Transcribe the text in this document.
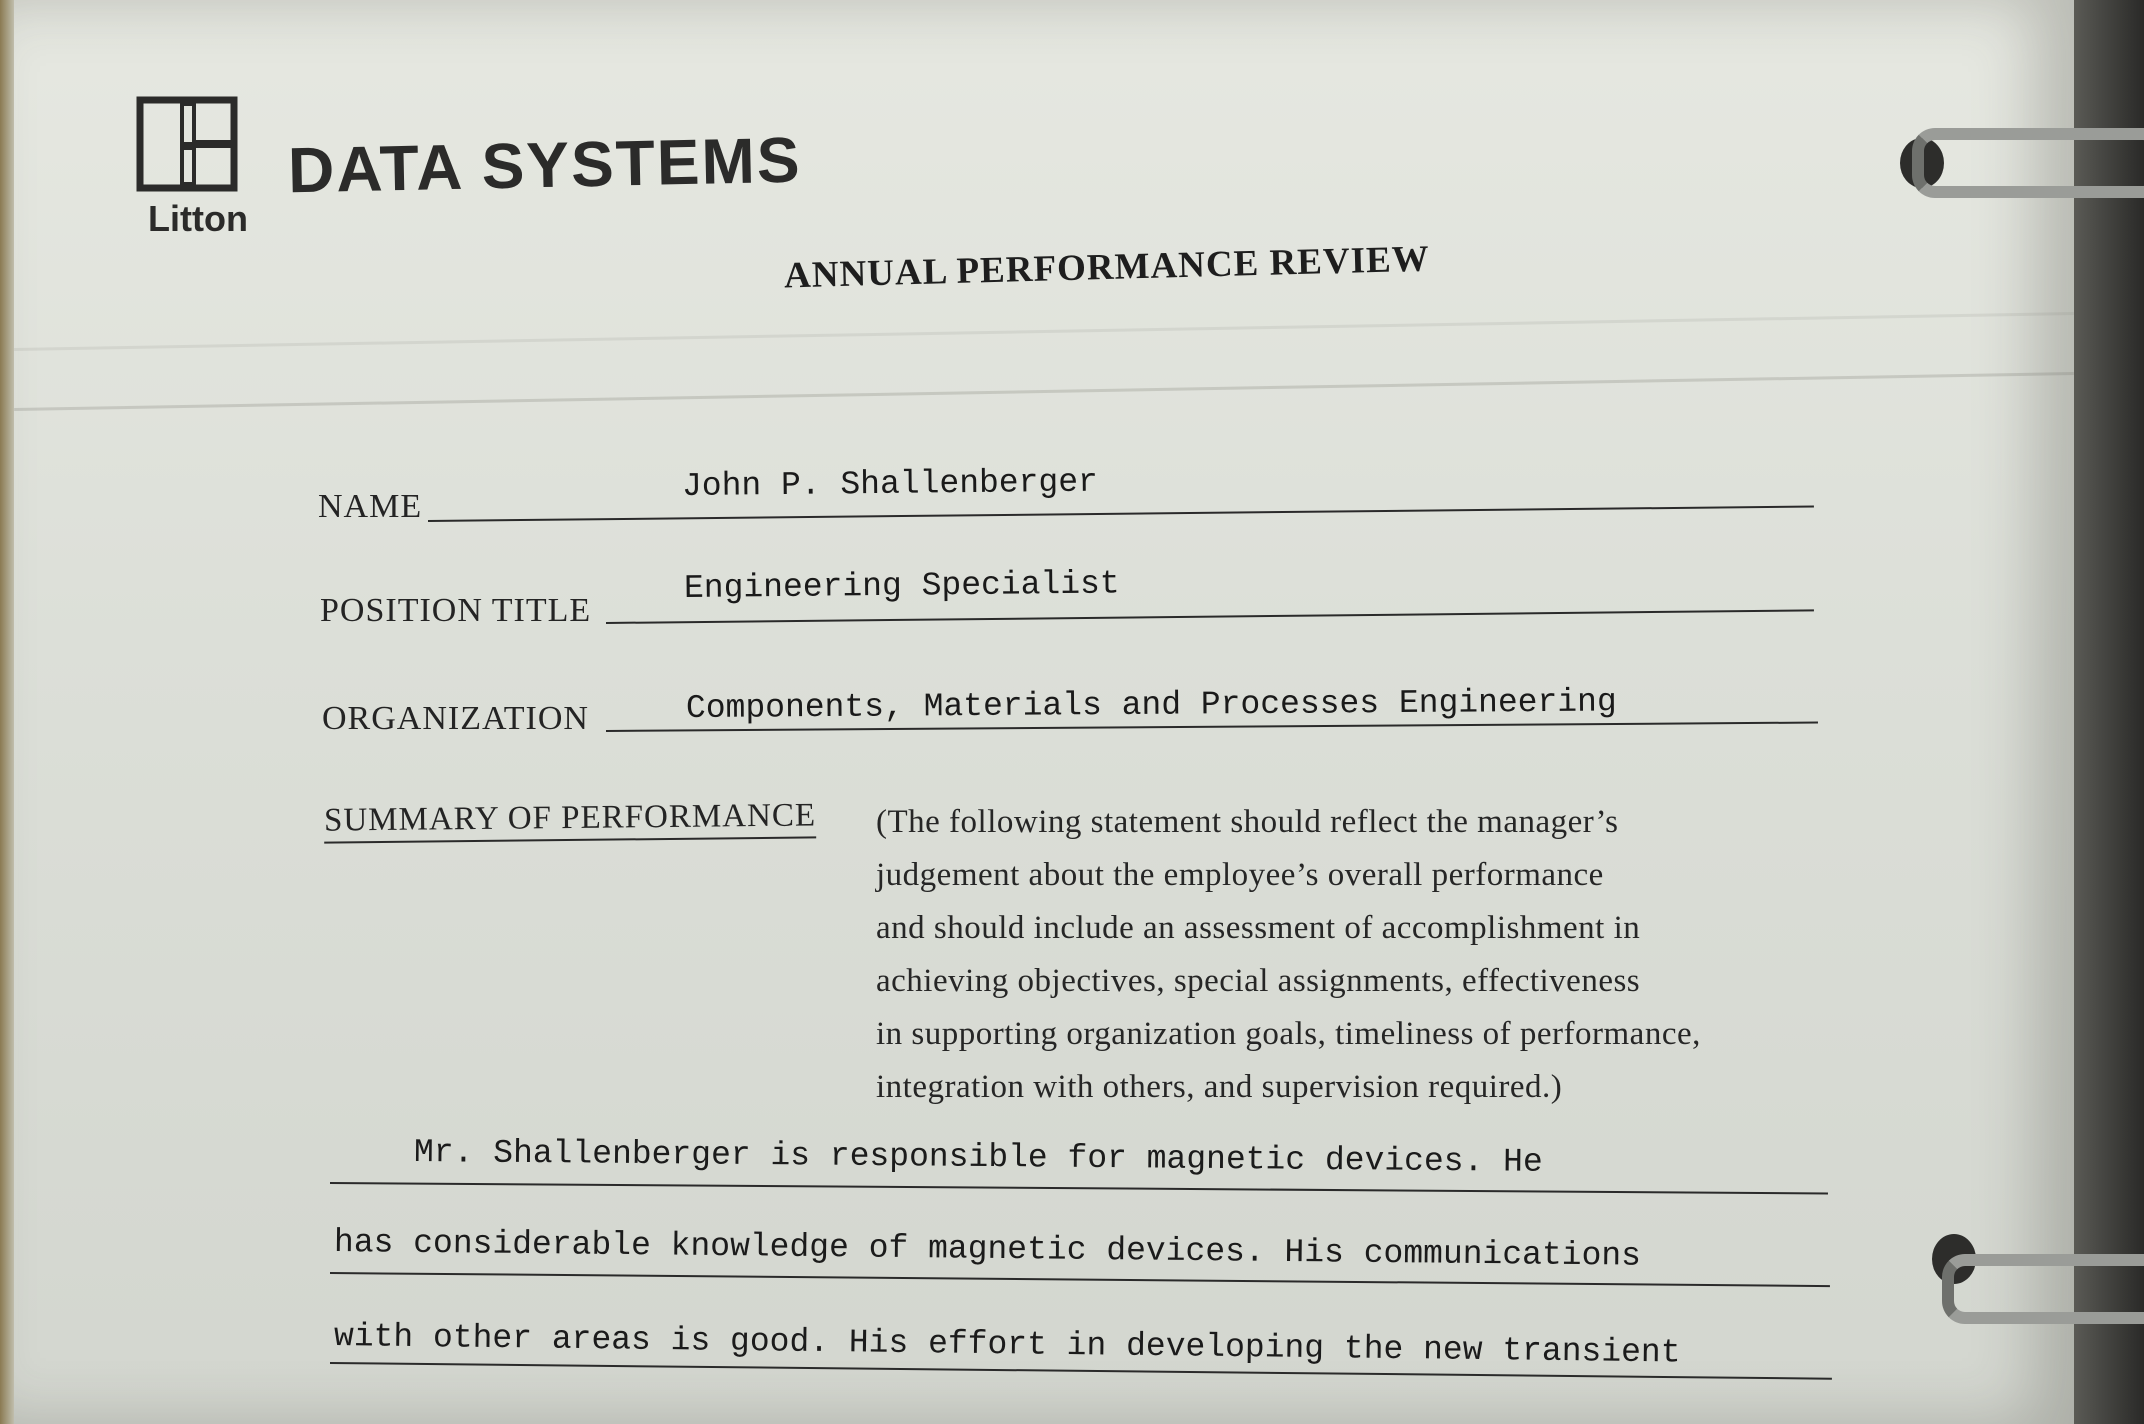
DATA SYSTEMS
Litton
ANNUAL PERFORMANCE REVIEW
NAME
John P. Shallenberger
POSITION TITLE
Engineering Specialist
ORGANIZATION	Components, Materials and Processes Engineering
SUMMARY OF PERFORMANCE (The following statement should reflect the manager’s
judgement about the employee’s overall performance
and should include an assessment of accomplishment in
achieving objectives, special assignments, effectiveness
in supporting organization goals, timeliness of performance,
integration with others, and supervision required.)
Mr. Shallenberger is responsible for magnetic devices. He
has considerable knowledge of magnetic devices. His communications
with other areas is good. His effort in developing the new transient
